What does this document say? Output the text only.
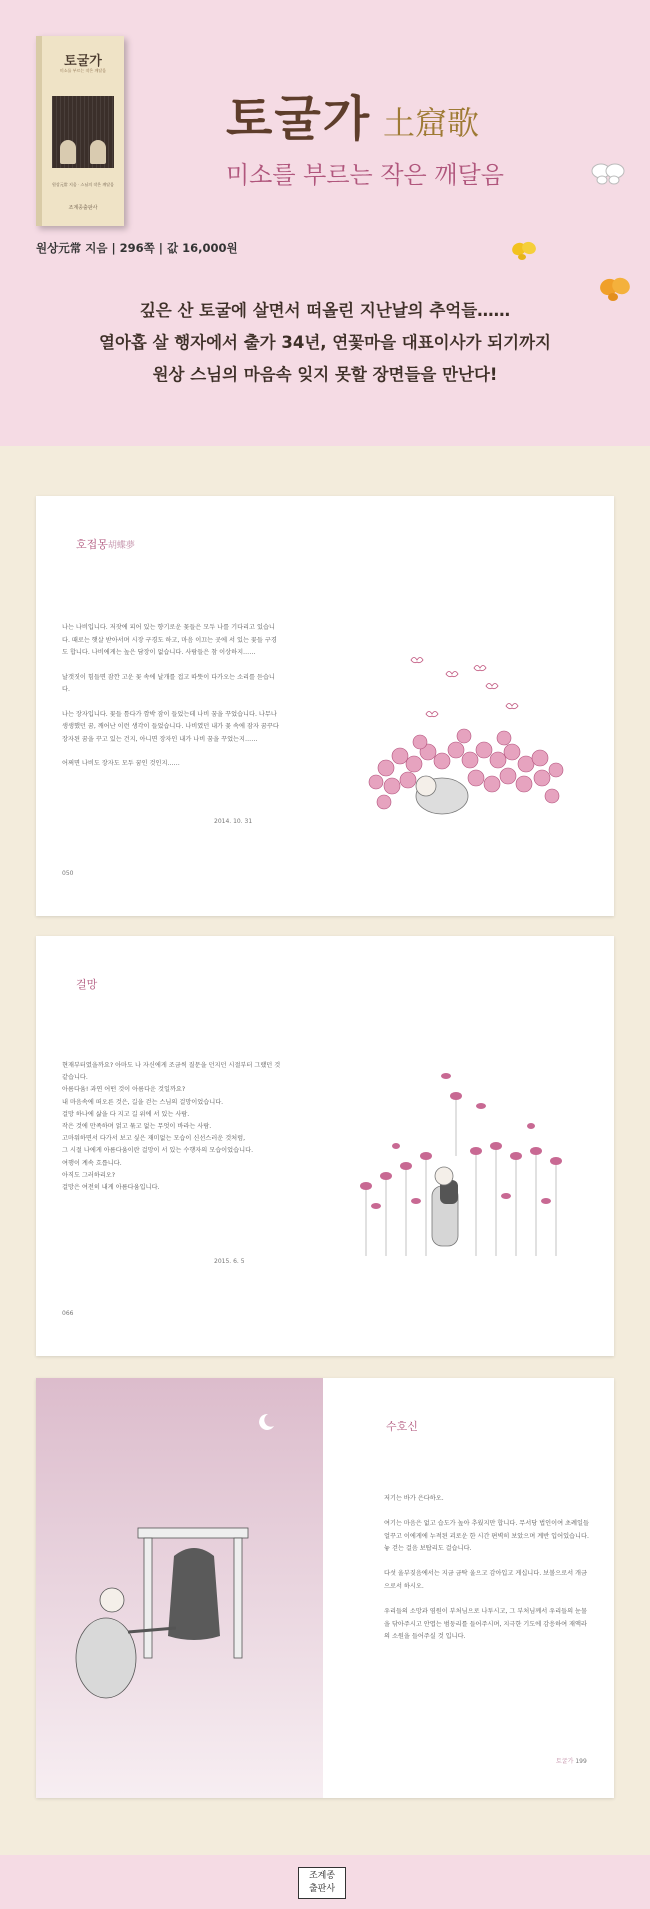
토굴가
미소를 부르는 작은 깨달음
원상元常 지음 · 스님의 작은 깨달음
조계종출판사
토굴가 土窟歌
미소를 부르는 작은 깨달음
원상元常 지음 | 296쪽 | 값 16,000원
깊은 산 토굴에 살면서 떠올린 지난날의 추억들……
열아홉 살 행자에서 출가 34년, 연꽃마을 대표이사가 되기까지
원상 스님의 마음속 잊지 못할 장면들을 만난다!
호접몽胡蝶夢

나는 나비입니다. 저잣에 피어 있는 향기로운 꽃들은 모두 나를 기다리고 있습니다. 때로는 햇살 받아서며 시장 구경도 하고, 마음 이끄는 곳에 서 있는 꽃들 구경도 합니다. 나비에게는 높은 담장이 없습니다. 사람들은 참 이상하지……

날갯짓이 힘들면 잠깐 고운 꽃 속에 날개를 접고 따뜻이 다가오는 소리를 듣습니다.

나는 장자입니다. 꽃들 틈다가 깜박 잠이 들었는데 나비 꿈을 꾸었습니다. 나무나 생생했던 꿈, 깨어난 이런 생각이 들었습니다. 나비였던 내가 꽃 속에 잠자 꿈꾸다 장자된 꿈을 꾸고 있는 건지, 아니면 장자인 내가 나비 꿈을 꾸었는지……

어쩌면 나비도 장자도 모두 꿈인 것인지……

2014. 10. 31
050
걸망
현재부터였을까요? 아마도 나 자신에게 조금씩 질문을 던지던 시절부터 그랬던 것 같습니다.
아름다움! 과연 어떤 것이 아름다운 것일까요?
내 마음속에 떠오른 것은, 길을 걷는 스님의 걸망이었습니다.
걸망 하나에 삶을 다 지고 길 위에 서 있는 사람.
작은 것에 만족하며 얽고 묶고 없는 무엇이 바라는 사람.
고마워하면서 다가서 보고 싶은 재미없는 모습이 신선스러운 것처럼,
그 시절 나에게 아름다움이란 걸망이 서 있는 수행자의 모습이었습니다.
여행이 계속 흐릅니다.
아직도 그러하리오?
걸망은 여전히 내게 아름다움입니다.
2015. 6. 5
066
수호신

저기는 바가 은다하오.

여기는 마음은 없고 습도가 높아 추웠지만 합니다. 무서당 법인이여 초례일들 얼꾸고 이에게에 누적된 괴로운 한 시간 편벽히 보았으며 계반 입어있습니다. 놓 걷는 걸음 보탑리도 걸습니다.

다섯 울부짖음에서는 지금 금탁 울으고 감아입고 게십니다. 보볼으로서 개금으로서 하시오.

우리들의 소망과 염원이 부처님으로 나투시고, 그 부처님께서 우리들의 눈물을 닦아주시고 안엽는 범둥리를 들어주시며, 지극한 기도에 감응하여 재액라의 소원을 들어주실 것 입니다.

토굴가 199
조계종
출판사
